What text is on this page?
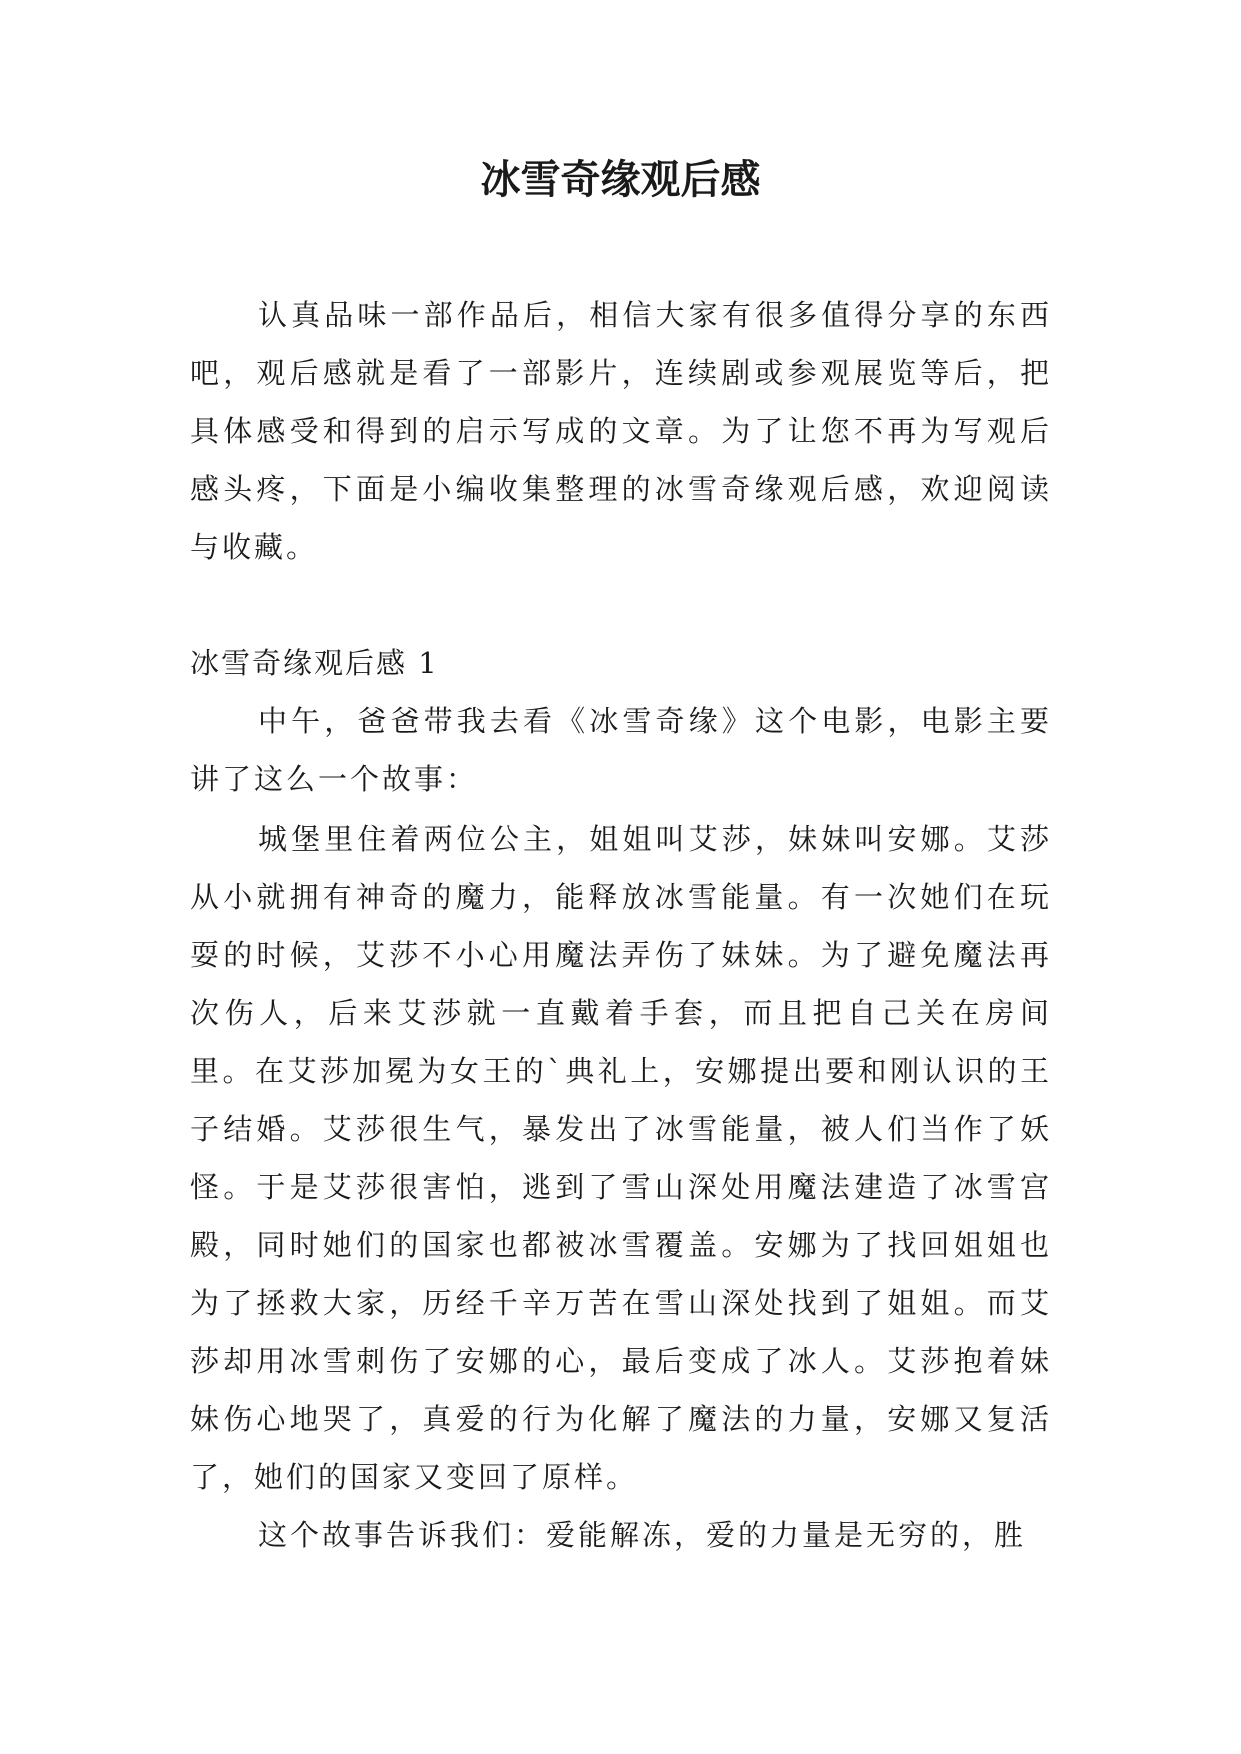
冰雪奇缘观后感

认真品味一部作品后，相信大家有很多值得分享的东西吧，观后感就是看了一部影片，连续剧或参观展览等后，把具体感受和得到的启示写成的文章。为了让您不再为写观后感头疼，下面是小编收集整理的冰雪奇缘观后感，欢迎阅读与收藏。

冰雪奇缘观后感 1

中午，爸爸带我去看《冰雪奇缘》这个电影，电影主要讲了这么一个故事：

城堡里住着两位公主，姐姐叫艾莎，妹妹叫安娜。艾莎从小就拥有神奇的魔力，能释放冰雪能量。有一次她们在玩耍的时候，艾莎不小心用魔法弄伤了妹妹。为了避免魔法再次伤人，后来艾莎就一直戴着手套，而且把自己关在房间里。在艾莎加冕为女王的`典礼上，安娜提出要和刚认识的王子结婚。艾莎很生气，暴发出了冰雪能量，被人们当作了妖怪。于是艾莎很害怕，逃到了雪山深处用魔法建造了冰雪宫殿，同时她们的国家也都被冰雪覆盖。安娜为了找回姐姐也为了拯救大家，历经千辛万苦在雪山深处找到了姐姐。而艾莎却用冰雪刺伤了安娜的心，最后变成了冰人。艾莎抱着妹妹伤心地哭了，真爱的行为化解了魔法的力量，安娜又复活了，她们的国家又变回了原样。

这个故事告诉我们：爱能解冻，爱的力量是无穷的，胜
